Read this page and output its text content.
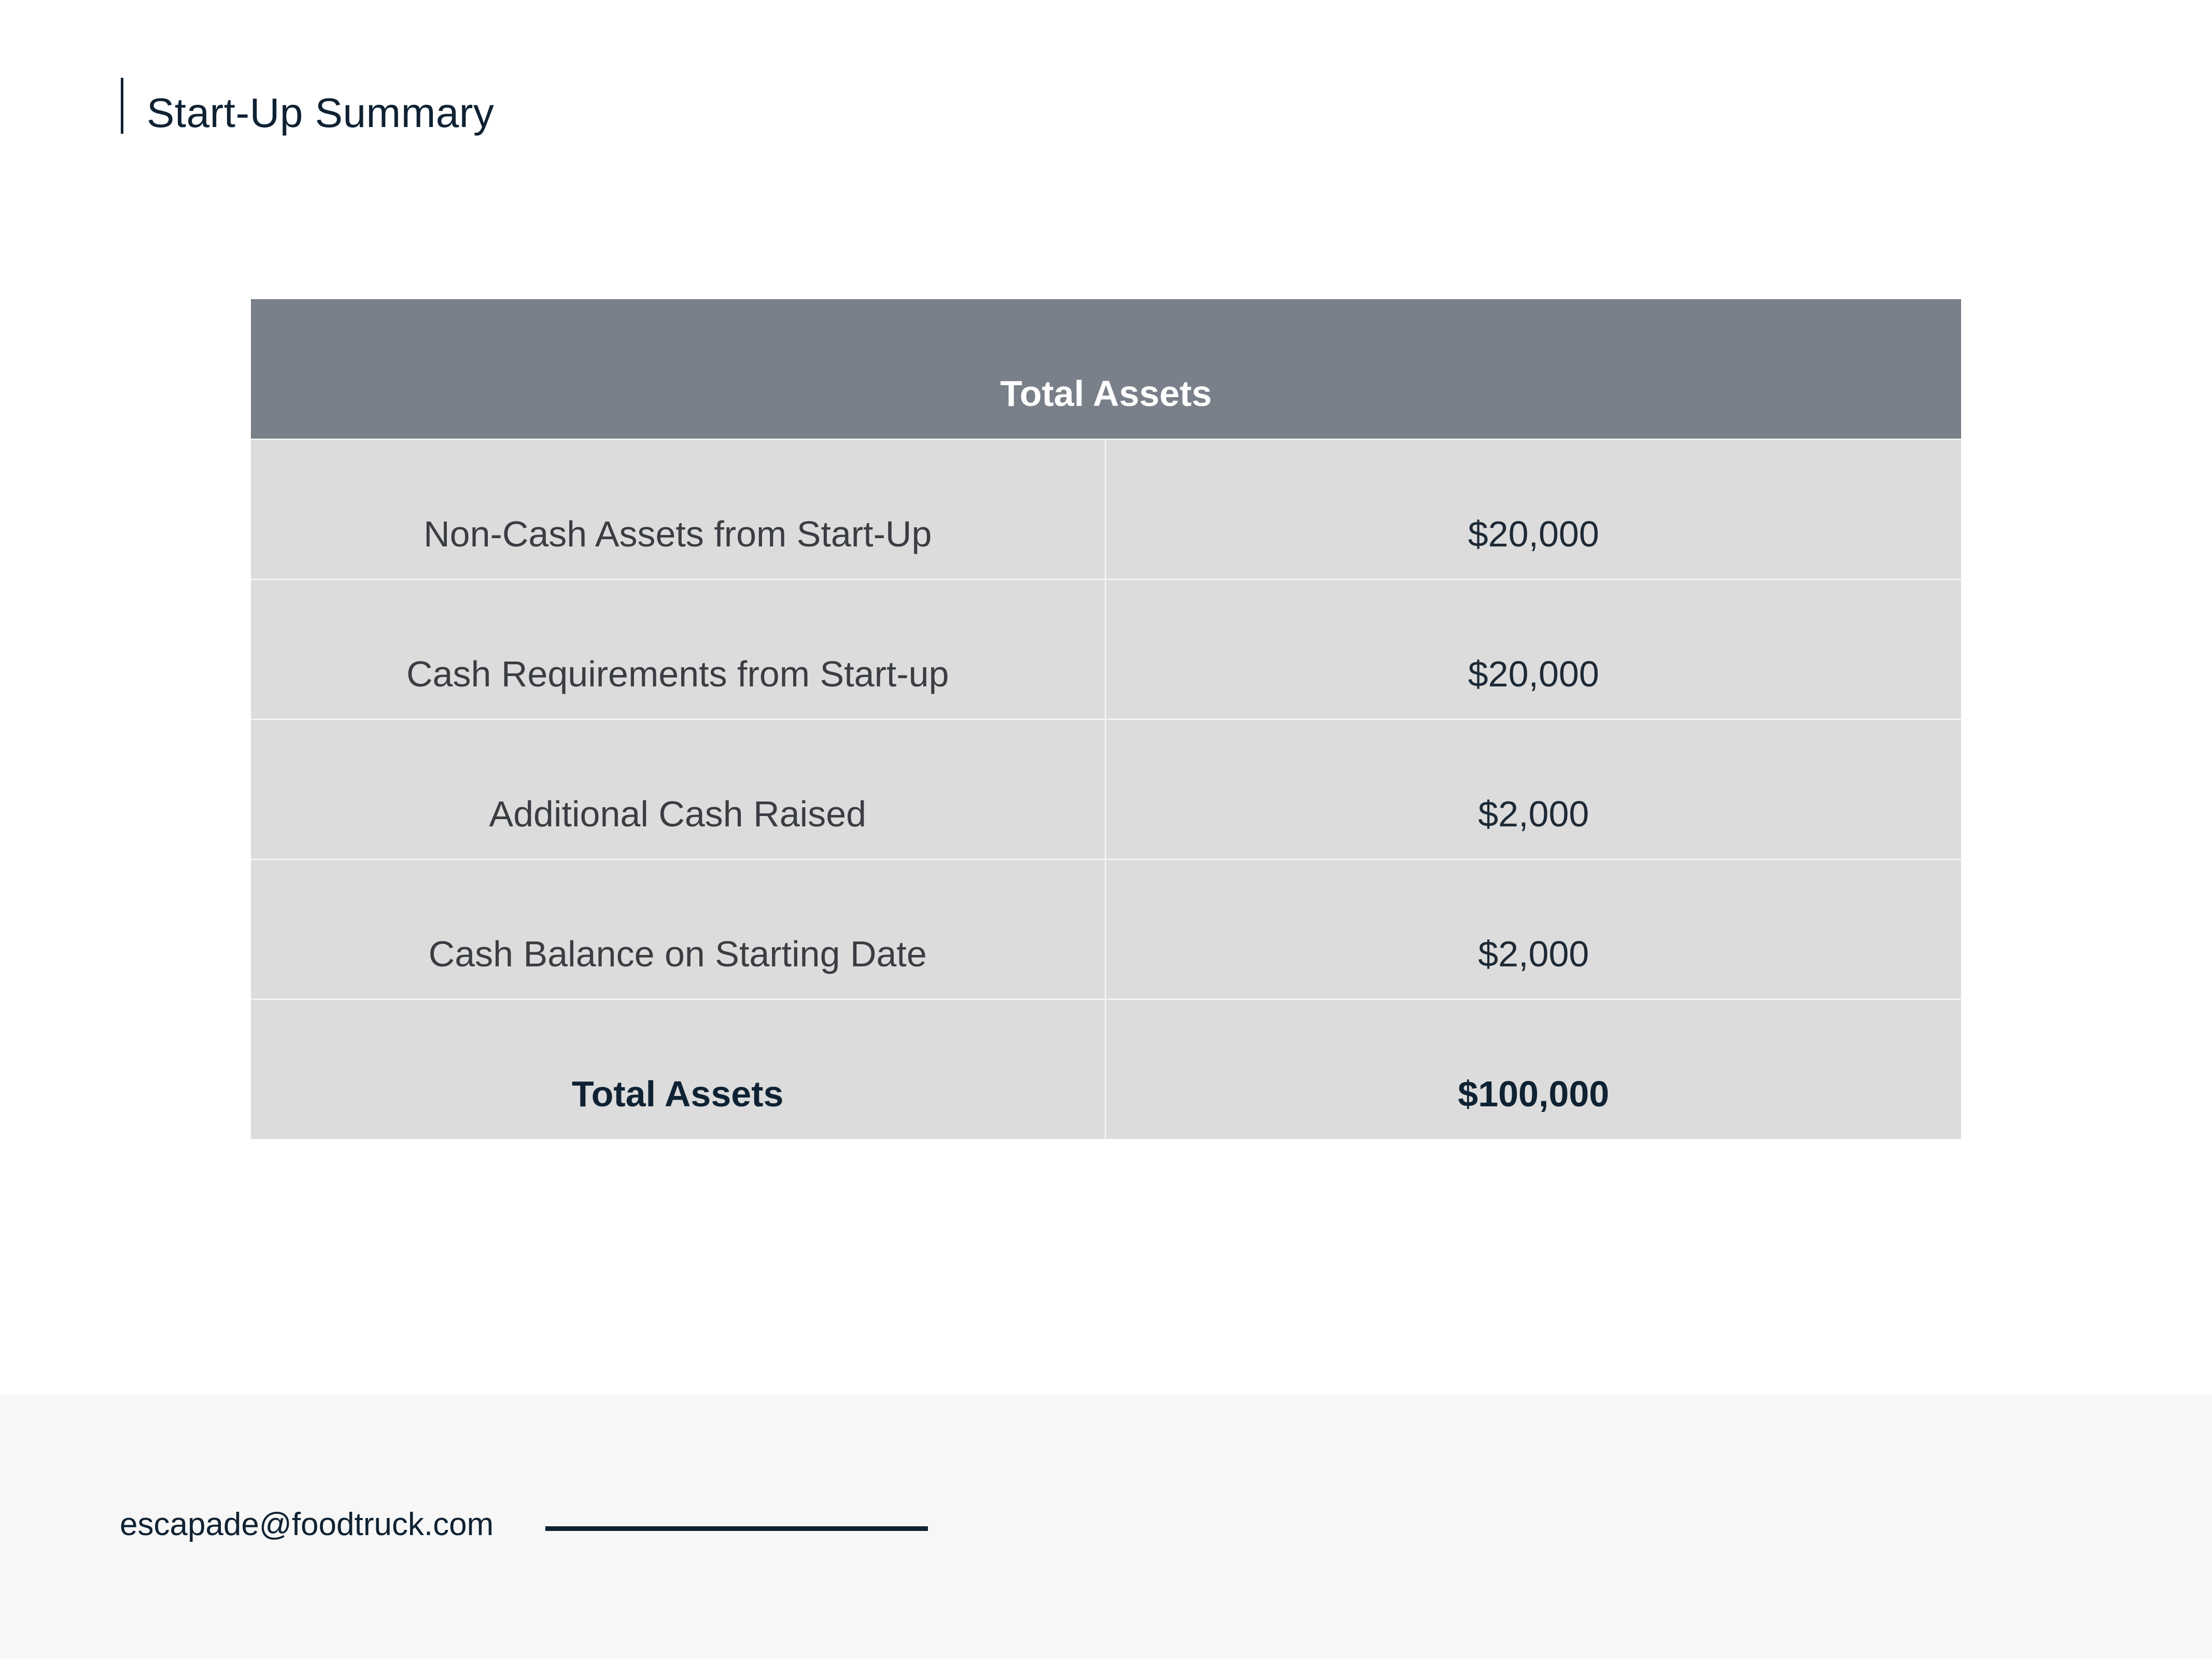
Start-Up Summary
Total Assets	
Non-Cash Assets from Start-Up	$20,000
Cash Requirements from Start-up	$20,000
Additional Cash Raised	$2,000
Cash Balance on Starting Date	$2,000
Total Assets	$100,000
escapade@foodtruck.com
